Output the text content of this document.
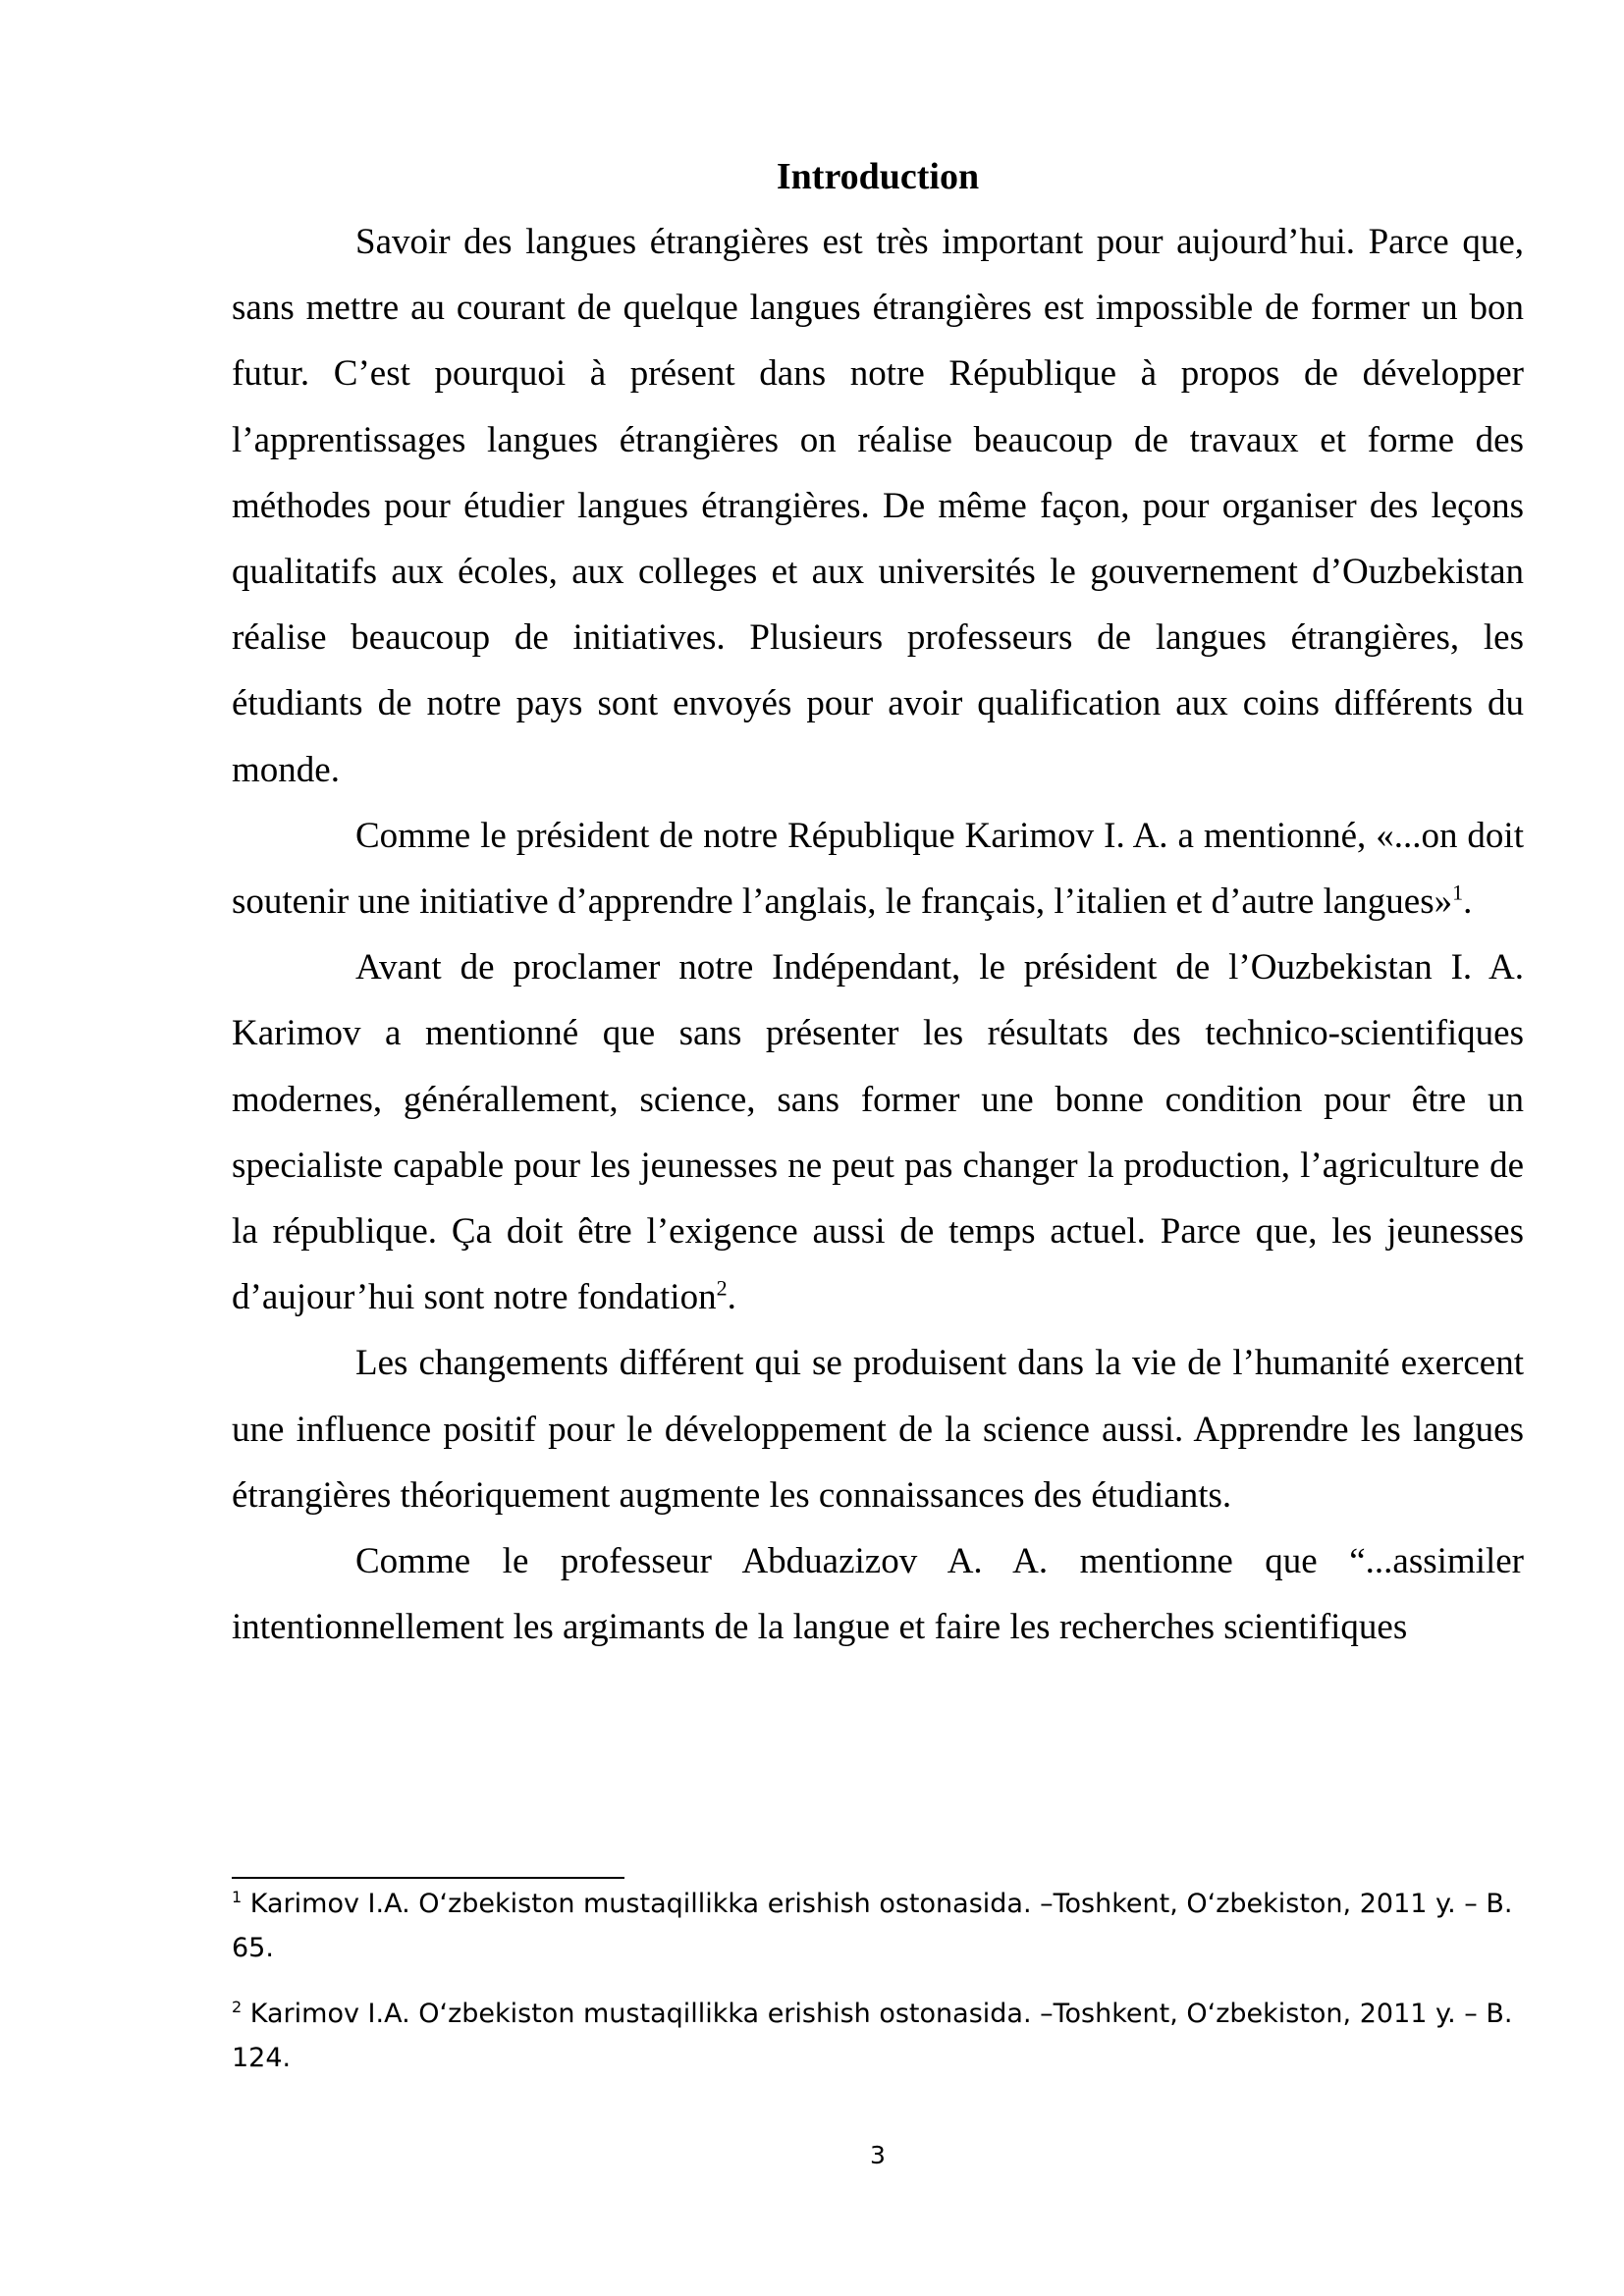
Introduction

Savoir des langues étrangières est très important pour aujourd’hui. Parce que, sans mettre au courant de quelque langues étrangières est impossible de former un bon futur. C’est pourquoi à présent dans notre République à propos de développer l’apprentissages langues étrangières on réalise beaucoup de travaux et forme des méthodes pour étudier langues étrangières. De même façon, pour organiser des leçons qualitatifs aux écoles, aux colleges et aux universités le gouvernement d’Ouzbekistan réalise beaucoup de initiatives. Plusieurs professeurs de langues étrangières, les étudiants de notre pays sont envoyés pour avoir qualification aux coins différents du monde.

Comme le président de notre République Karimov I. A. a mentionné, «...on doit soutenir une initiative d’apprendre l’anglais, le français, l’italien et d’autre langues»$^1$.

Avant de proclamer notre Indépendant, le président de l’Ouzbekistan I. A. Karimov a mentionné que sans présenter les résultats des technico-scientifiques modernes, générallement, science, sans former une bonne condition pour être un specialiste capable pour les jeunesses ne peut pas changer la production, l’agriculture de la république. Ça doit être l’exigence aussi de temps actuel. Parce que, les jeunesses d’aujour’hui sont notre fondation$^2$.

Les changements différent qui se produisent dans la vie de l’humanité exercent une influence positif pour le développement de la science aussi. Apprendre les langues étrangières théoriquement augmente les connaissances des étudiants.

Comme le professeur Abduazizov A. A. mentionne que “...assimiler intentionnellement les argimants de la langue et faire les recherches scientifiques

$^1$ Karimov I.A. O‘zbekiston mustaqillikka erishish ostonasida. –Toshkent, O‘zbekiston, 2011 y. – B. 65.

$^2$ Karimov I.A. O‘zbekiston mustaqillikka erishish ostonasida. –Toshkent, O‘zbekiston, 2011 y. – B. 124.

3
